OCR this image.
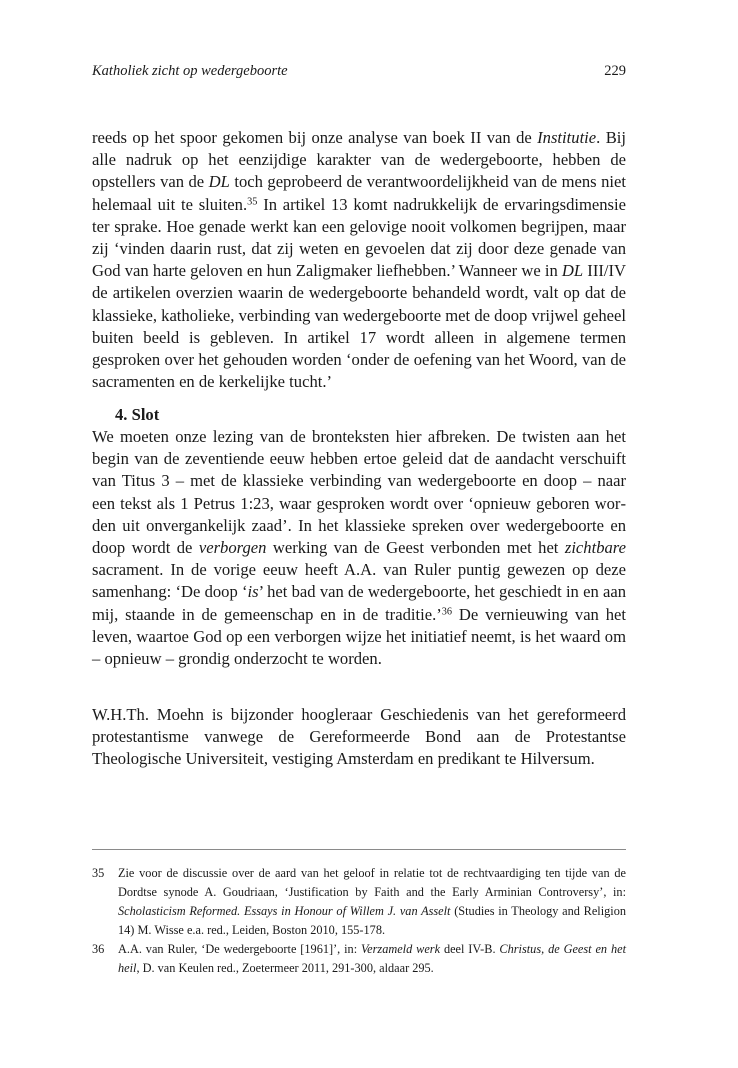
Katholiek zicht op wedergeboorte	229

reeds op het spoor gekomen bij onze analyse van boek II van de Institutie. Bij alle nadruk op het eenzijdige karakter van de wedergeboorte, hebben de opstellers van de DL toch geprobeerd de verantwoordelijkheid van de mens niet helemaal uit te sluiten.$^{35}$ In artikel 13 komt nadrukkelijk de ervaringsdimensie ter sprake. Hoe genade werkt kan een gelovige nooit volkomen begrijpen, maar zij ‘vinden daarin rust, dat zij weten en gevoelen dat zij door deze genade van God van harte geloven en hun Zaligmaker liefhebben.’ Wanneer we in DL III/IV de artikelen overzien waarin de wedergeboorte behandeld wordt, valt op dat de klassieke, katholieke, verbinding van wedergeboorte met de doop vrijwel geheel buiten beeld is gebleven. In artikel 17 wordt alleen in algemene termen gesproken over het gehouden worden ‘onder de oefening van het Woord, van de sacramenten en de kerkelijke tucht.’

4. Slot

We moeten onze lezing van de bronteksten hier afbreken. De twisten aan het begin van de zeventiende eeuw hebben ertoe geleid dat de aandacht verschuift van Titus 3 – met de klassieke verbinding van wedergeboorte en doop – naar een tekst als 1 Petrus 1:23, waar gesproken wordt over ‘opnieuw geboren worden uit onvergankelijk zaad’. In het klassieke spreken over wedergeboorte en doop wordt de verborgen werking van de Geest verbonden met het zichtbare sacrament. In de vorige eeuw heeft A.A. van Ruler puntig gewezen op deze samenhang: ‘De doop ‘is’ het bad van de wedergeboorte, het geschiedt in en aan mij, staande in de gemeenschap en in de traditie.’$^{36}$ De vernieuwing van het leven, waartoe God op een verborgen wijze het initiatief neemt, is het waard om – opnieuw – grondig onderzocht te worden.

W.H.Th. Moehn is bijzonder hoogleraar Geschiedenis van het gereformeerd protestantisme vanwege de Gereformeerde Bond aan de Protestantse Theologische Universiteit, vestiging Amsterdam en predikant te Hilversum.

35 Zie voor de discussie over de aard van het geloof in relatie tot de rechtvaardiging ten tijde van de Dordtse synode A. Goudriaan, ‘Justification by Faith and the Early Arminian Controversy’, in: Scholasticism Reformed. Essays in Honour of Willem J. van Asselt (Studies in Theology and Religion 14) M. Wisse e.a. red., Leiden, Boston 2010, 155-178.

36 A.A. van Ruler, ‘De wedergeboorte [1961]’, in: Verzameld werk deel IV-B. Christus, de Geest en het heil, D. van Keulen red., Zoetermeer 2011, 291-300, aldaar 295.
